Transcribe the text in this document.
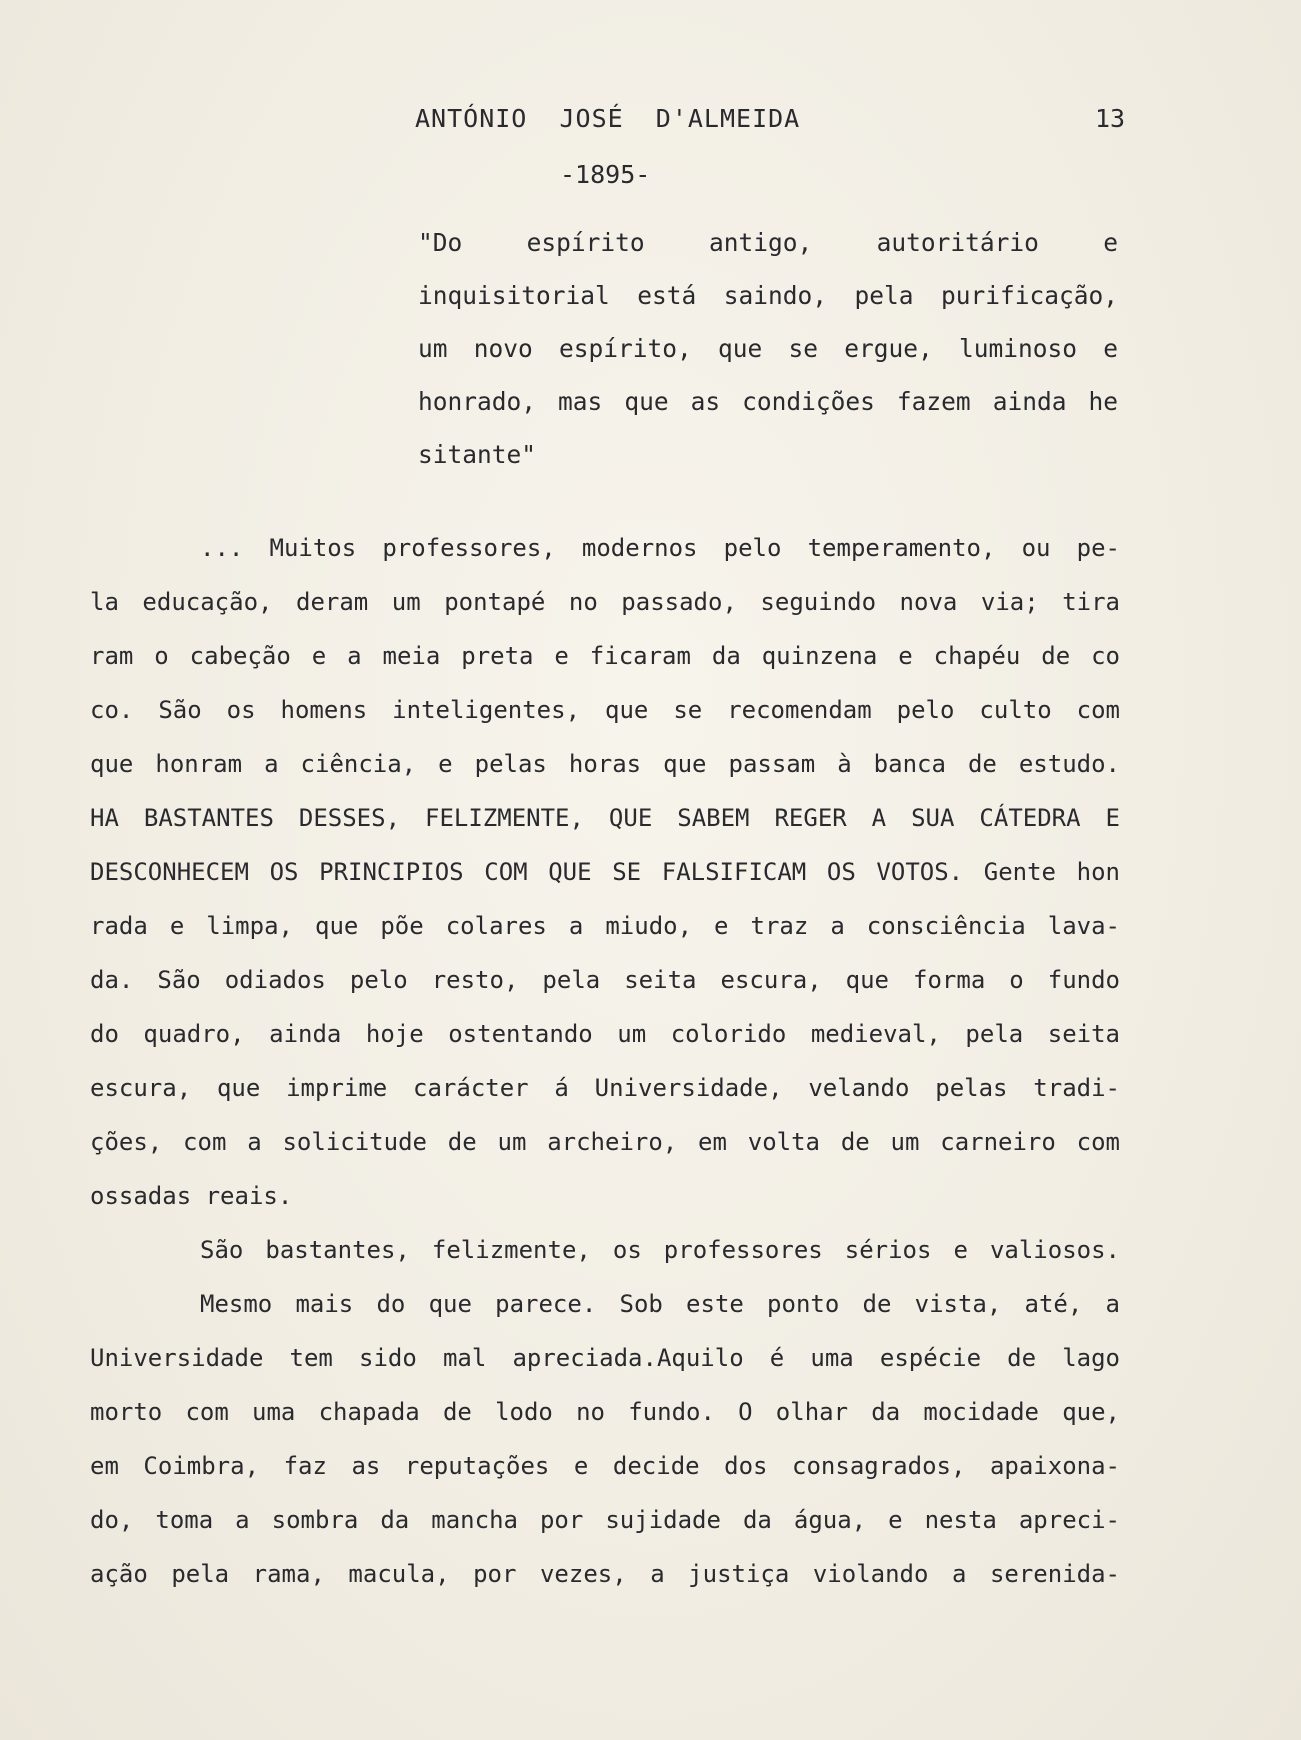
ANTÓNIO  JOSÉ  D'ALMEIDA	13
-1895-
"Do espírito antigo, autoritário e
inquisitorial está saindo, pela purificação,
um novo espírito, que se ergue, luminoso e
honrado, mas que as condições fazem ainda he
sitante"
... Muitos professores, modernos pelo temperamento, ou pe-
la educação, deram um pontapé no passado, seguindo nova via; tira
ram o cabeção e a meia preta e ficaram da quinzena e chapéu de co
co. São os homens inteligentes, que se recomendam pelo culto com
que honram a ciência, e pelas horas que passam à banca de estudo.
HA BASTANTES DESSES, FELIZMENTE, QUE SABEM REGER A SUA CÁTEDRA E
DESCONHECEM OS PRINCIPIOS COM QUE SE FALSIFICAM OS VOTOS. Gente hon
rada e limpa, que põe colares a miudo, e traz a consciência lava-
da. São odiados pelo resto, pela seita escura, que forma o fundo
do quadro, ainda hoje ostentando um colorido medieval, pela seita
escura, que imprime carácter á Universidade, velando pelas tradi-
ções, com a solicitude de um archeiro, em volta de um carneiro com
ossadas reais.
São bastantes, felizmente, os professores sérios e valiosos.
Mesmo mais do que parece. Sob este ponto de vista, até, a
Universidade tem sido mal apreciada.Aquilo é uma espécie de lago
morto com uma chapada de lodo no fundo. O olhar da mocidade que,
em Coimbra, faz as reputações e decide dos consagrados, apaixona-
do, toma a sombra da mancha por sujidade da água, e nesta apreci-
ação pela rama, macula, por vezes, a justiça violando a serenida-
